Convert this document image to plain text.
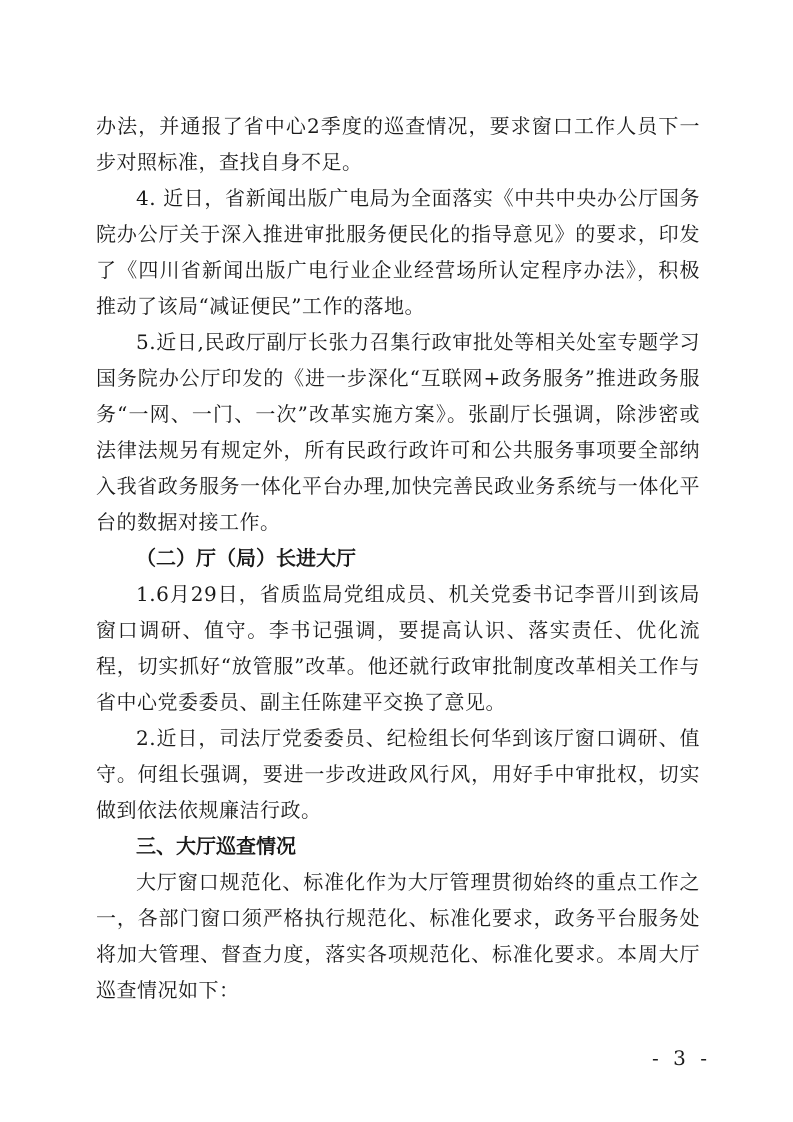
办法，并通报了省中心2季度的巡查情况，要求窗口工作人员下一步对照标准，查找自身不足。

4. 近日，省新闻出版广电局为全面落实《中共中央办公厅国务院办公厅关于深入推进审批服务便民化的指导意见》的要求，印发了《四川省新闻出版广电行业企业经营场所认定程序办法》，积极推动了该局“减证便民”工作的落地。

5.近日,民政厅副厅长张力召集行政审批处等相关处室专题学习国务院办公厅印发的《进一步深化“互联网+政务服务”推进政务服务“一网、一门、一次”改革实施方案》。张副厅长强调，除涉密或法律法规另有规定外，所有民政行政许可和公共服务事项要全部纳入我省政务服务一体化平台办理,加快完善民政业务系统与一体化平台的数据对接工作。

（二）厅（局）长进大厅

1.6月29日，省质监局党组成员、机关党委书记李晋川到该局窗口调研、值守。李书记强调，要提高认识、落实责任、优化流程，切实抓好“放管服”改革。他还就行政审批制度改革相关工作与省中心党委委员、副主任陈建平交换了意见。

2.近日，司法厅党委委员、纪检组长何华到该厅窗口调研、值守。何组长强调，要进一步改进政风行风，用好手中审批权，切实做到依法依规廉洁行政。

三、大厅巡查情况

大厅窗口规范化、标准化作为大厅管理贯彻始终的重点工作之一，各部门窗口须严格执行规范化、标准化要求，政务平台服务处将加大管理、督查力度，落实各项规范化、标准化要求。本周大厅巡查情况如下：

- 3 -
